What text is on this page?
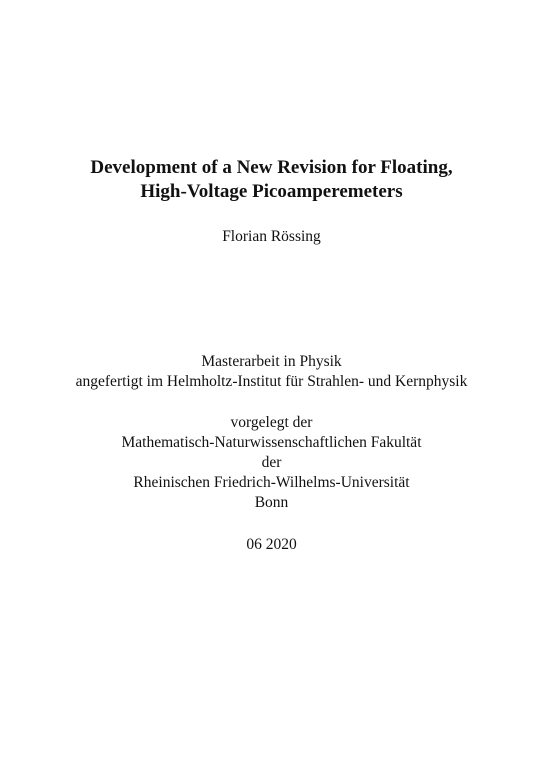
Development of a New Revision for Floating,
High-Voltage Picoamperemeters
Florian Rössing
Masterarbeit in Physik
angefertigt im Helmholtz-Institut für Strahlen- und Kernphysik
vorgelegt der
Mathematisch-Naturwissenschaftlichen Fakultät
der
Rheinischen Friedrich-Wilhelms-Universität
Bonn
06 2020
